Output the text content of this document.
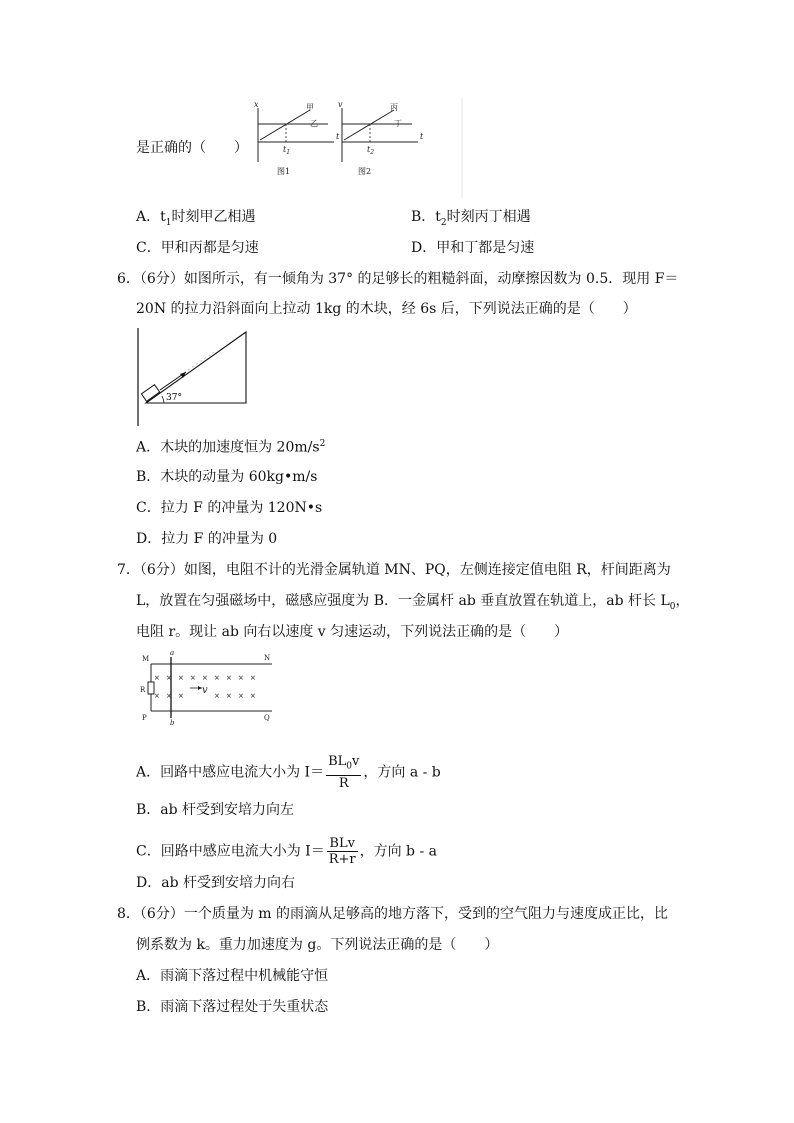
是正确的（　　）
x
t
甲
乙
$t_1$
图1
v
t
丙
丁
$t_2$
图2
A．$t_1$时刻甲乙相遇	B．$t_2$时刻丙丁相遇
C．甲和丙都是匀速	D．甲和丁都是匀速
6．（6分）如图所示，有一倾角为 37° 的足够长的粗糙斜面，动摩擦因数为 0.5．现用 F＝
20N 的拉力沿斜面向上拉动 1kg 的木块，经 6s 后，下列说法正确的是（　　）
37°
A．木块的加速度恒为 $20m/s^2$
B．木块的动量为 60kg•m/s
C．拉力 F 的冲量为 120N•s
D．拉力 F 的冲量为 0
7．（6分）如图，电阻不计的光滑金属轨道 MN、PQ，左侧连接定值电阻 R，杆间距离为
L，放置在匀强磁场中，磁感应强度为 B．一金属杆 ab 垂直放置在轨道上，ab 杆长 $L_0$，
电阻 r。现让 ab 向右以速度 v 匀速运动，下列说法正确的是（　　）
× × × × × × × × ×
× × ×	× × × ×
M	N
P	Q
R
a
b
v
A．回路中感应电流大小为 $I= \frac{BL_0v}{R}$ ，方向 a - b
B．ab 杆受到安培力向左
C．回路中感应电流大小为 $I= \frac{\text{BLv}}{R+r}$ ，方向 b - a
D．ab 杆受到安培力向右
8．（6分）一个质量为 m 的雨滴从足够高的地方落下，受到的空气阻力与速度成正比，比
例系数为 k。重力加速度为 g。下列说法正确的是（　　）
A．雨滴下落过程中机械能守恒
B．雨滴下落过程处于失重状态
